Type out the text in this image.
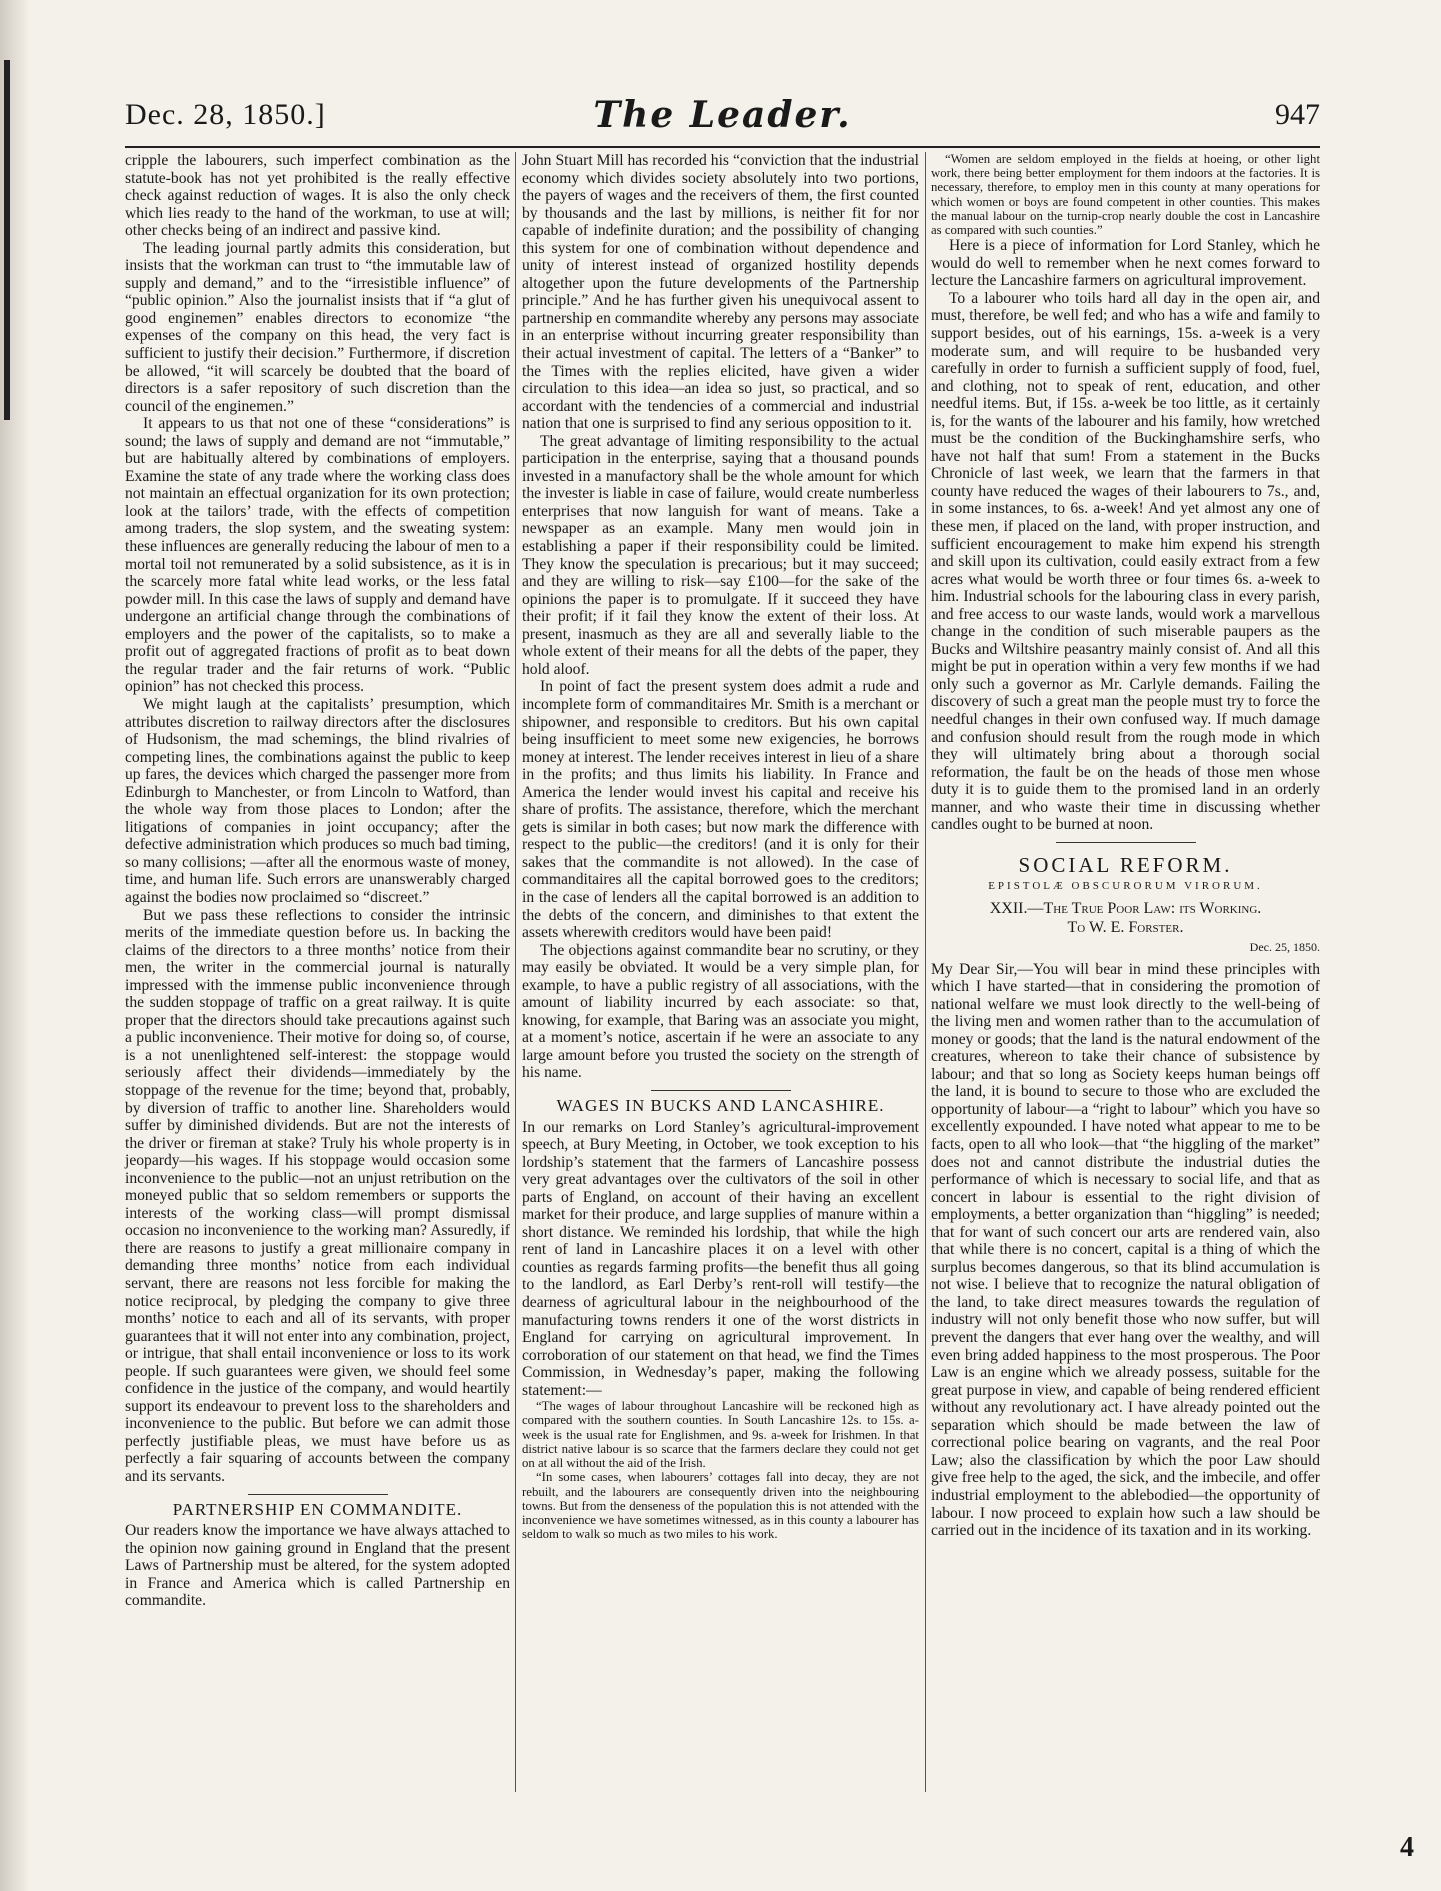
Dec. 28, 1850.]	The Leader.	947

cripple the labourers, such imperfect combination as the statute-book has not yet prohibited is the really effective check against reduction of wages. It is also the only check which lies ready to the hand of the workman, to use at will; other checks being of an indirect and passive kind.

The leading journal partly admits this consideration, but insists that the workman can trust to “the immutable law of supply and demand,” and to the “irresistible influence” of “public opinion.” Also the journalist insists that if “a glut of good enginemen” enables directors to economize “the expenses of the company on this head, the very fact is sufficient to justify their decision.” Furthermore, if discretion be allowed, “it will scarcely be doubted that the board of directors is a safer repository of such discretion than the council of the enginemen.”

It appears to us that not one of these “considerations” is sound; the laws of supply and demand are not “immutable,” but are habitually altered by combinations of employers. Examine the state of any trade where the working class does not maintain an effectual organization for its own protection; look at the tailors’ trade, with the effects of competition among traders, the slop system, and the sweating system: these influences are generally reducing the labour of men to a mortal toil not remunerated by a solid subsistence, as it is in the scarcely more fatal white lead works, or the less fatal powder mill. In this case the laws of supply and demand have undergone an artificial change through the combinations of employers and the power of the capitalists, so to make a profit out of aggregated fractions of profit as to beat down the regular trader and the fair returns of work. “Public opinion” has not checked this process.

We might laugh at the capitalists’ presumption, which attributes discretion to railway directors after the disclosures of Hudsonism, the mad schemings, the blind rivalries of competing lines, the combinations against the public to keep up fares, the devices which charged the passenger more from Edinburgh to Manchester, or from Lincoln to Watford, than the whole way from those places to London; after the litigations of companies in joint occupancy; after the defective administration which produces so much bad timing, so many collisions; —after all the enormous waste of money, time, and human life. Such errors are unanswerably charged against the bodies now proclaimed so “discreet.”

But we pass these reflections to consider the intrinsic merits of the immediate question before us. In backing the claims of the directors to a three months’ notice from their men, the writer in the commercial journal is naturally impressed with the immense public inconvenience through the sudden stoppage of traffic on a great railway. It is quite proper that the directors should take precautions against such a public inconvenience. Their motive for doing so, of course, is a not unenlightened self-interest: the stoppage would seriously affect their dividends—immediately by the stoppage of the revenue for the time; beyond that, probably, by diversion of traffic to another line. Shareholders would suffer by diminished dividends. But are not the interests of the driver or fireman at stake? Truly his whole property is in jeopardy—his wages. If his stoppage would occasion some inconvenience to the public—not an unjust retribution on the moneyed public that so seldom remembers or supports the interests of the working class—will prompt dismissal occasion no inconvenience to the working man? Assuredly, if there are reasons to justify a great millionaire company in demanding three months’ notice from each individual servant, there are reasons not less forcible for making the notice reciprocal, by pledging the company to give three months’ notice to each and all of its servants, with proper guarantees that it will not enter into any combination, project, or intrigue, that shall entail inconvenience or loss to its work people. If such guarantees were given, we should feel some confidence in the justice of the company, and would heartily support its endeavour to prevent loss to the shareholders and inconvenience to the public. But before we can admit those perfectly justifiable pleas, we must have before us as perfectly a fair squaring of accounts between the company and its servants.

PARTNERSHIP EN COMMANDITE.

Our readers know the importance we have always attached to the opinion now gaining ground in England that the present Laws of Partnership must be altered, for the system adopted in France and America which is called Partnership en commandite.

John Stuart Mill has recorded his “conviction that the industrial economy which divides society absolutely into two portions, the payers of wages and the receivers of them, the first counted by thousands and the last by millions, is neither fit for nor capable of indefinite duration; and the possibility of changing this system for one of combination without dependence and unity of interest instead of organized hostility depends altogether upon the future developments of the Partnership principle.” And he has further given his unequivocal assent to partnership en commandite whereby any persons may associate in an enterprise without incurring greater responsibility than their actual investment of capital. The letters of a “Banker” to the Times with the replies elicited, have given a wider circulation to this idea—an idea so just, so practical, and so accordant with the tendencies of a commercial and industrial nation that one is surprised to find any serious opposition to it.

The great advantage of limiting responsibility to the actual participation in the enterprise, saying that a thousand pounds invested in a manufactory shall be the whole amount for which the invester is liable in case of failure, would create numberless enterprises that now languish for want of means. Take a newspaper as an example. Many men would join in establishing a paper if their responsibility could be limited. They know the speculation is precarious; but it may succeed; and they are willing to risk—say £100—for the sake of the opinions the paper is to promulgate. If it succeed they have their profit; if it fail they know the extent of their loss. At present, inasmuch as they are all and severally liable to the whole extent of their means for all the debts of the paper, they hold aloof.

In point of fact the present system does admit a rude and incomplete form of commanditaires Mr. Smith is a merchant or shipowner, and responsible to creditors. But his own capital being insufficient to meet some new exigencies, he borrows money at interest. The lender receives interest in lieu of a share in the profits; and thus limits his liability. In France and America the lender would invest his capital and receive his share of profits. The assistance, therefore, which the merchant gets is similar in both cases; but now mark the difference with respect to the public—the creditors! (and it is only for their sakes that the commandite is not allowed). In the case of commanditaires all the capital borrowed goes to the creditors; in the case of lenders all the capital borrowed is an addition to the debts of the concern, and diminishes to that extent the assets wherewith creditors would have been paid!

The objections against commandite bear no scrutiny, or they may easily be obviated. It would be a very simple plan, for example, to have a public registry of all associations, with the amount of liability incurred by each associate: so that, knowing, for example, that Baring was an associate you might, at a moment’s notice, ascertain if he were an associate to any large amount before you trusted the society on the strength of his name.

WAGES IN BUCKS AND LANCASHIRE.

In our remarks on Lord Stanley’s agricultural-improvement speech, at Bury Meeting, in October, we took exception to his lordship’s statement that the farmers of Lancashire possess very great advantages over the cultivators of the soil in other parts of England, on account of their having an excellent market for their produce, and large supplies of manure within a short distance. We reminded his lordship, that while the high rent of land in Lancashire places it on a level with other counties as regards farming profits—the benefit thus all going to the landlord, as Earl Derby’s rent-roll will testify—the dearness of agricultural labour in the neighbourhood of the manufacturing towns renders it one of the worst districts in England for carrying on agricultural improvement. In corroboration of our statement on that head, we find the Times Commission, in Wednesday’s paper, making the following statement:—

“The wages of labour throughout Lancashire will be reckoned high as compared with the southern counties. In South Lancashire 12s. to 15s. a-week is the usual rate for Englishmen, and 9s. a-week for Irishmen. In that district native labour is so scarce that the farmers declare they could not get on at all without the aid of the Irish.

“In some cases, when labourers’ cottages fall into decay, they are not rebuilt, and the labourers are consequently driven into the neighbouring towns. But from the denseness of the population this is not attended with the inconvenience we have sometimes witnessed, as in this county a labourer has seldom to walk so much as two miles to his work.

“Women are seldom employed in the fields at hoeing, or other light work, there being better employment for them indoors at the factories. It is necessary, therefore, to employ men in this county at many operations for which women or boys are found competent in other counties. This makes the manual labour on the turnip-crop nearly double the cost in Lancashire as compared with such counties.”

Here is a piece of information for Lord Stanley, which he would do well to remember when he next comes forward to lecture the Lancashire farmers on agricultural improvement.

To a labourer who toils hard all day in the open air, and must, therefore, be well fed; and who has a wife and family to support besides, out of his earnings, 15s. a-week is a very moderate sum, and will require to be husbanded very carefully in order to furnish a sufficient supply of food, fuel, and clothing, not to speak of rent, education, and other needful items. But, if 15s. a-week be too little, as it certainly is, for the wants of the labourer and his family, how wretched must be the condition of the Buckinghamshire serfs, who have not half that sum! From a statement in the Bucks Chronicle of last week, we learn that the farmers in that county have reduced the wages of their labourers to 7s., and, in some instances, to 6s. a-week! And yet almost any one of these men, if placed on the land, with proper instruction, and sufficient encouragement to make him expend his strength and skill upon its cultivation, could easily extract from a few acres what would be worth three or four times 6s. a-week to him. Industrial schools for the labouring class in every parish, and free access to our waste lands, would work a marvellous change in the condition of such miserable paupers as the Bucks and Wiltshire peasantry mainly consist of. And all this might be put in operation within a very few months if we had only such a governor as Mr. Carlyle demands. Failing the discovery of such a great man the people must try to force the needful changes in their own confused way. If much damage and confusion should result from the rough mode in which they will ultimately bring about a thorough social reformation, the fault be on the heads of those men whose duty it is to guide them to the promised land in an orderly manner, and who waste their time in discussing whether candles ought to be burned at noon.

SOCIAL REFORM.
EPISTOLÆ OBSCURORUM VIRORUM.
XXII.—The True Poor Law: its Working.
To W. E. Forster.
Dec. 25, 1850.

My Dear Sir,—You will bear in mind these principles with which I have started—that in considering the promotion of national welfare we must look directly to the well-being of the living men and women rather than to the accumulation of money or goods; that the land is the natural endowment of the creatures, whereon to take their chance of subsistence by labour; and that so long as Society keeps human beings off the land, it is bound to secure to those who are excluded the opportunity of labour—a “right to labour” which you have so excellently expounded. I have noted what appear to me to be facts, open to all who look—that “the higgling of the market” does not and cannot distribute the industrial duties the performance of which is necessary to social life, and that as concert in labour is essential to the right division of employments, a better organization than “higgling” is needed; that for want of such concert our arts are rendered vain, also that while there is no concert, capital is a thing of which the surplus becomes dangerous, so that its blind accumulation is not wise. I believe that to recognize the natural obligation of the land, to take direct measures towards the regulation of industry will not only benefit those who now suffer, but will prevent the dangers that ever hang over the wealthy, and will even bring added happiness to the most prosperous. The Poor Law is an engine which we already possess, suitable for the great purpose in view, and capable of being rendered efficient without any revolutionary act. I have already pointed out the separation which should be made between the law of correctional police bearing on vagrants, and the real Poor Law; also the classification by which the poor Law should give free help to the aged, the sick, and the imbecile, and offer industrial employment to the ablebodied—the opportunity of labour. I now proceed to explain how such a law should be carried out in the incidence of its taxation and in its working.

4
